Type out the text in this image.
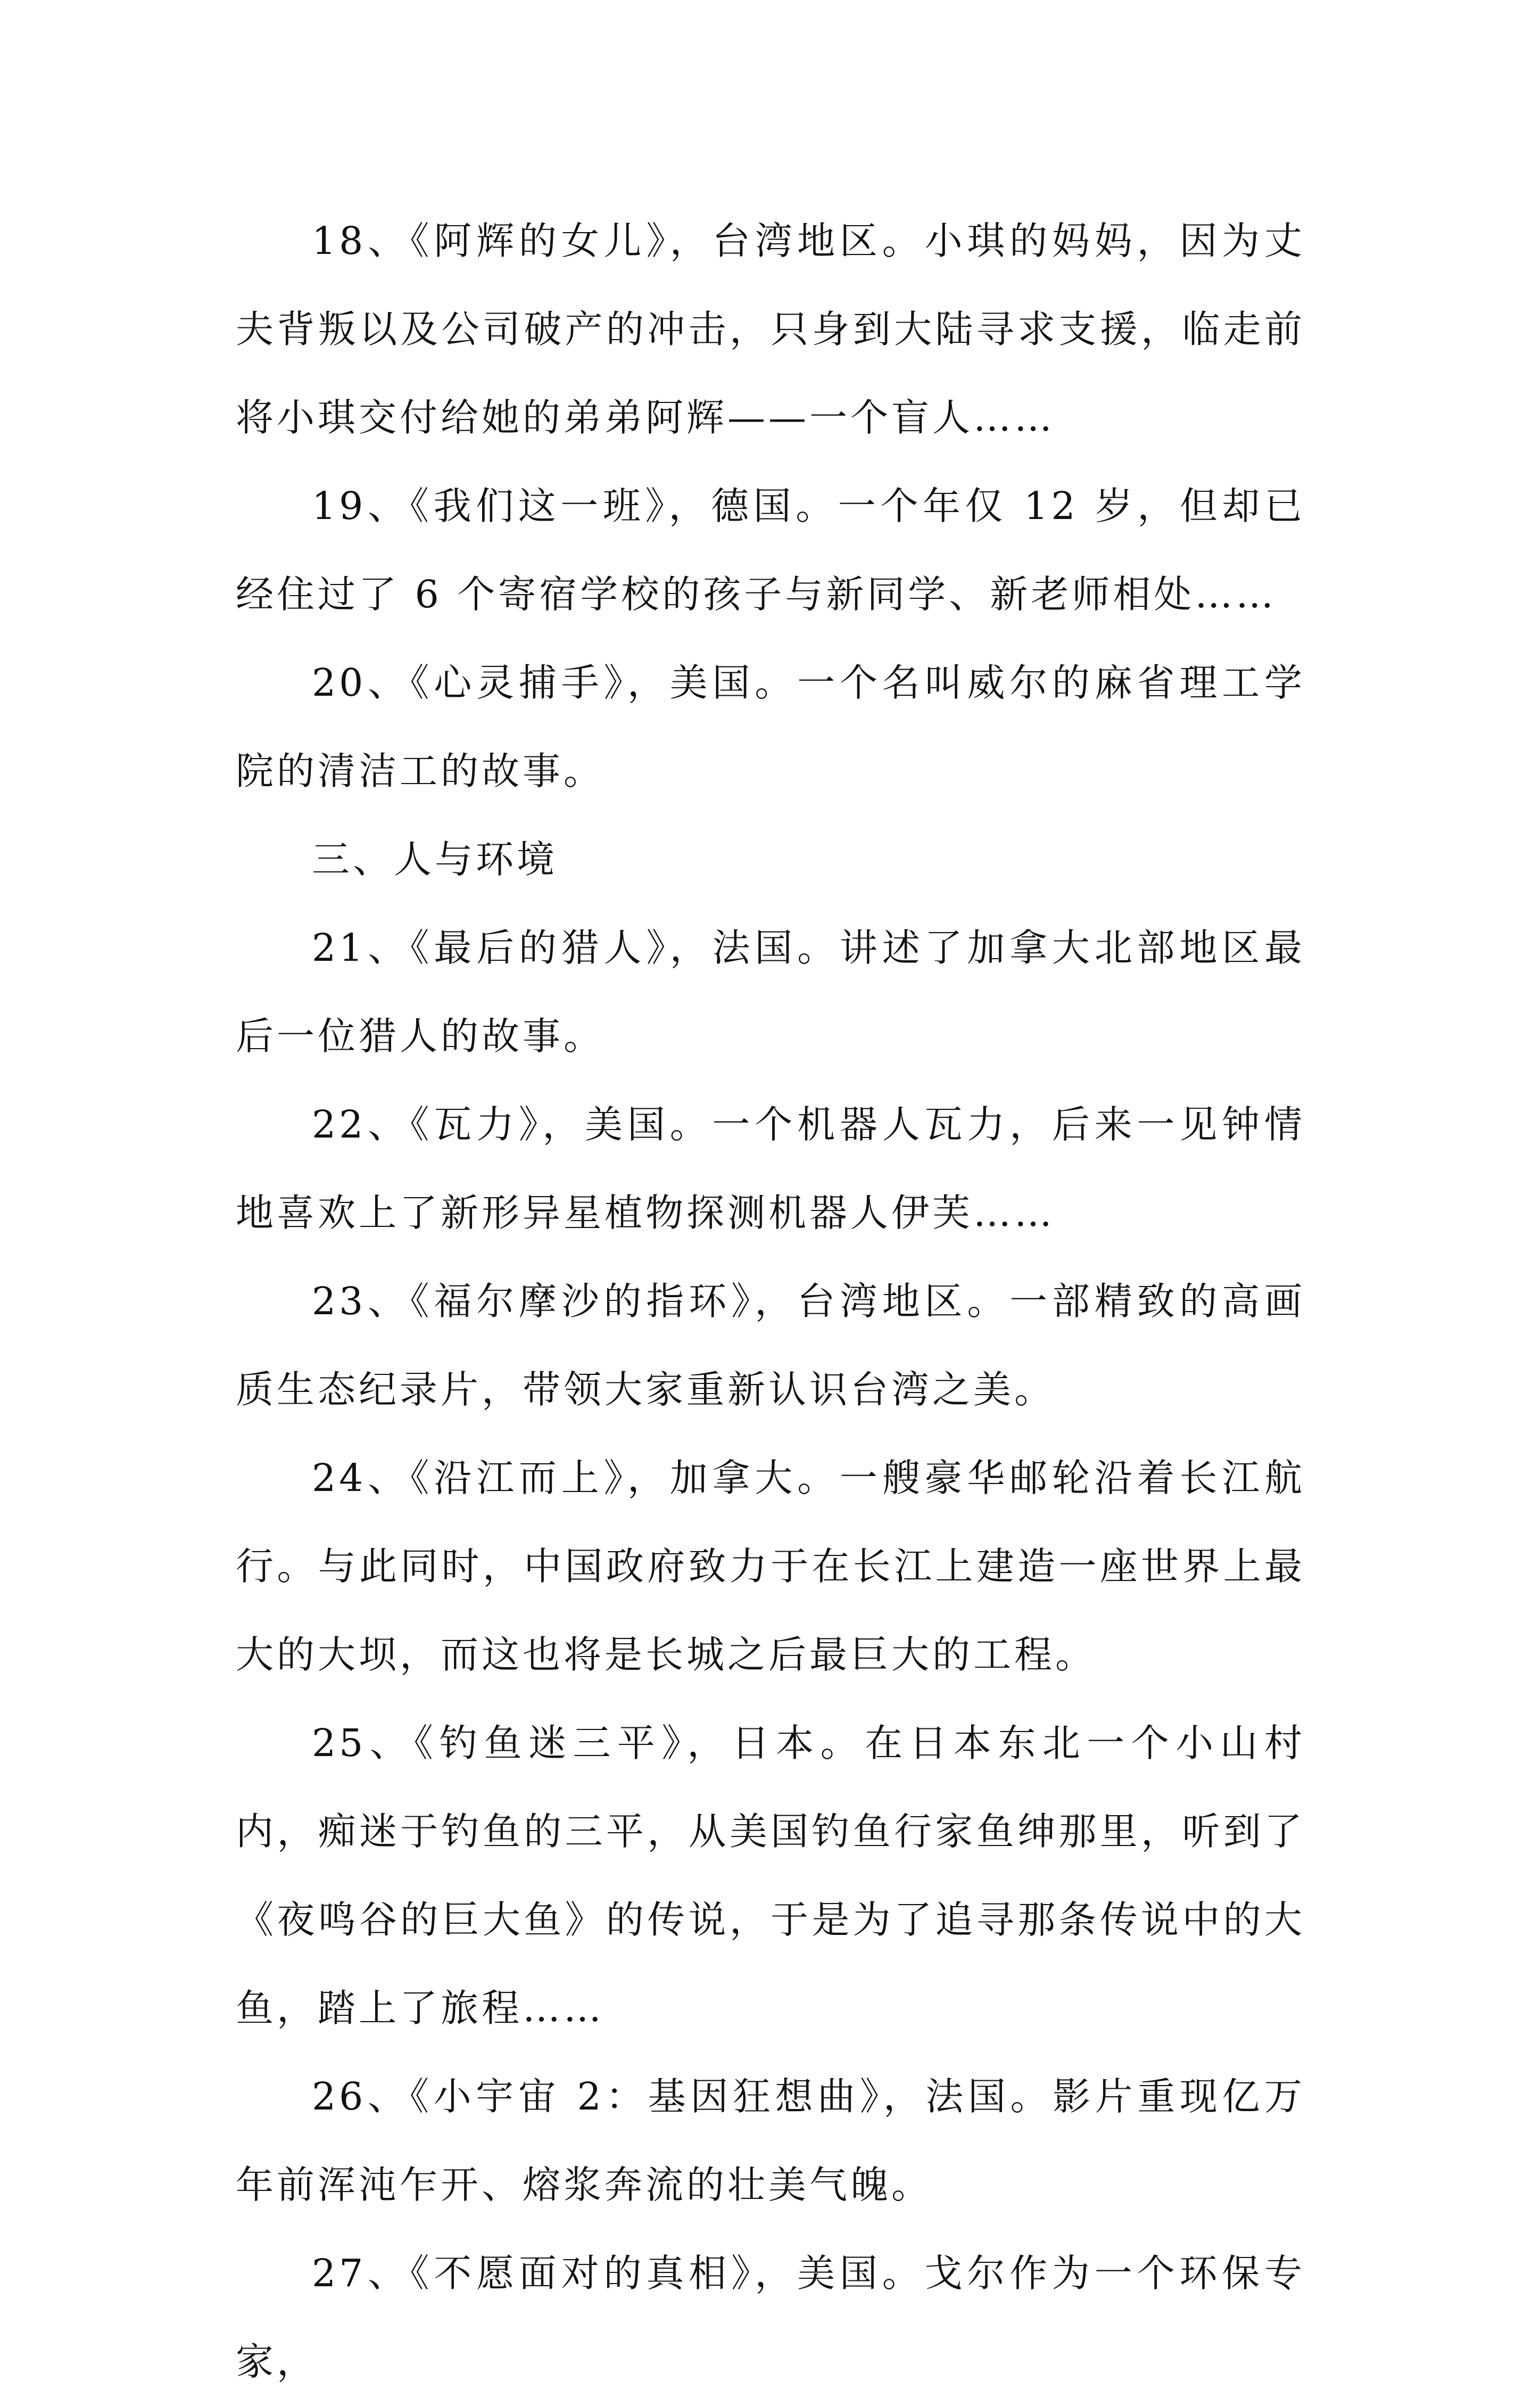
18、《阿辉的女儿》，台湾地区。小琪的妈妈，因为丈夫背叛以及公司破产的冲击，只身到大陆寻求支援，临走前将小琪交付给她的弟弟阿辉——一个盲人……

19、《我们这一班》，德国。一个年仅 12 岁，但却已经住过了 6 个寄宿学校的孩子与新同学、新老师相处……

20、《心灵捕手》，美国。一个名叫威尔的麻省理工学院的清洁工的故事。

三、人与环境

21、《最后的猎人》，法国。讲述了加拿大北部地区最后一位猎人的故事。

22、《瓦力》，美国。一个机器人瓦力，后来一见钟情地喜欢上了新形异星植物探测机器人伊芙……

23、《福尔摩沙的指环》，台湾地区。一部精致的高画质生态纪录片，带领大家重新认识台湾之美。

24、《沿江而上》，加拿大。一艘豪华邮轮沿着长江航行。与此同时，中国政府致力于在长江上建造一座世界上最大的大坝，而这也将是长城之后最巨大的工程。

25、《钓鱼迷三平》，日本。在日本东北一个小山村内，痴迷于钓鱼的三平，从美国钓鱼行家鱼绅那里，听到了《夜鸣谷的巨大鱼》的传说，于是为了追寻那条传说中的大鱼，踏上了旅程……

26、《小宇宙 2：基因狂想曲》，法国。影片重现亿万年前浑沌乍开、熔浆奔流的壮美气魄。

27、《不愿面对的真相》，美国。戈尔作为一个环保专家，
